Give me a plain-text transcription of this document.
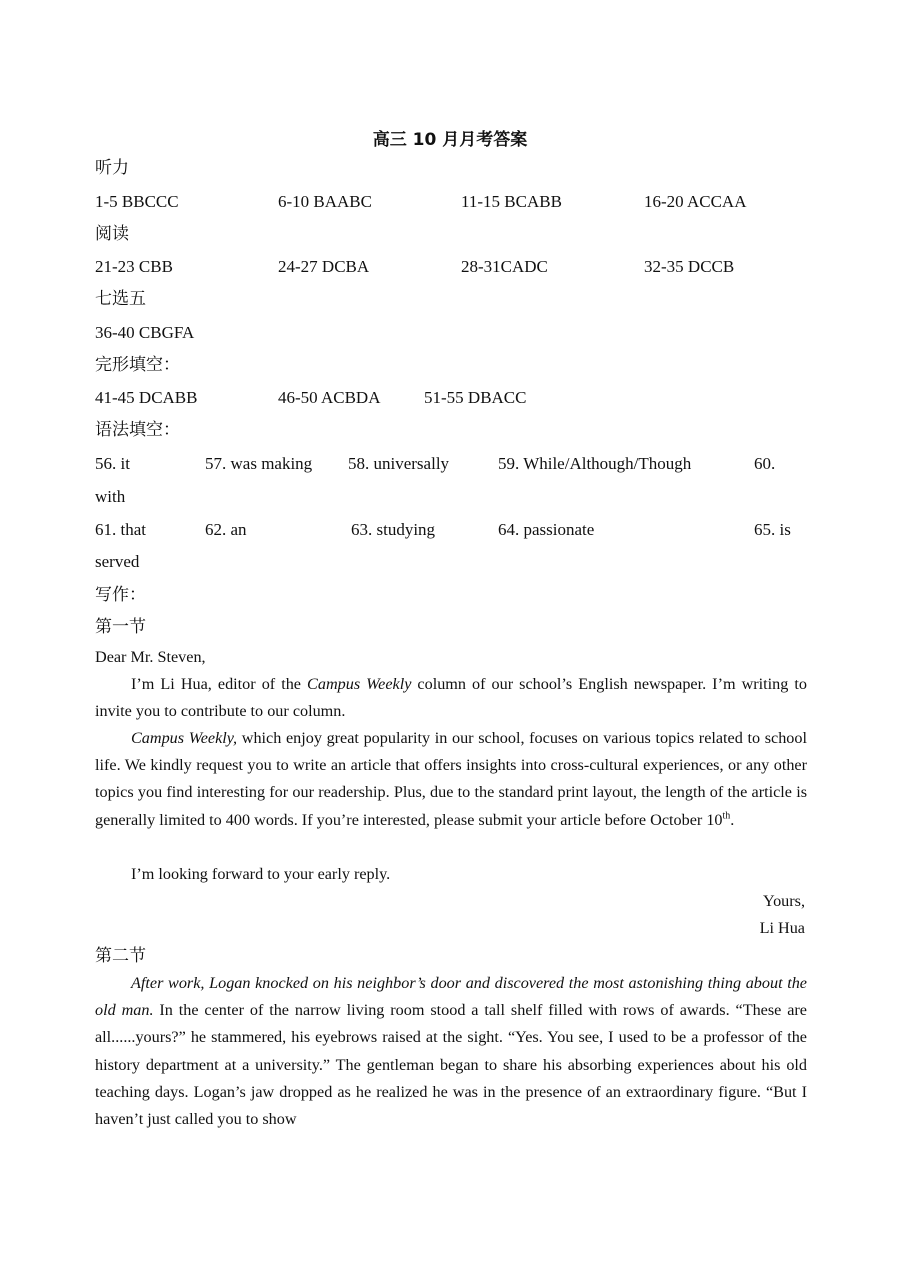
高三 10 月月考答案
听力
1-5 BBCCC	6-10 BAABC	11-15 BCABB	16-20 ACCAA
阅读
21-23 CBB	24-27 DCBA	28-31CADC	32-35 DCCB
七选五
36-40 CBGFA
完形填空：
41-45 DCABB	46-50 ACBDA	51-55 DBACC
语法填空：
56. it	57. was making 58. universally	59. While/Although/Though	60.
with
61. that	62. an	63. studying	64. passionate	65. is
served
写作：
第一节
Dear Mr. Steven,
I’m Li Hua, editor of the Campus Weekly column of our school’s English newspaper. I’m writing to invite you to contribute to our column.
Campus Weekly, which enjoy great popularity in our school, focuses on various topics related to school life. We kindly request you to write an article that offers insights into cross-cultural experiences, or any other topics you find interesting for our readership. Plus, due to the standard print layout, the length of the article is generally limited to 400 words. If you’re interested, please submit your article before October 10th.
I’m looking forward to your early reply.
Yours,
Li Hua
第二节
After work, Logan knocked on his neighbor’s door and discovered the most astonishing thing about the old man. In the center of the narrow living room stood a tall shelf filled with rows of awards. “These are all......yours?” he stammered, his eyebrows raised at the sight. “Yes. You see, I used to be a professor of the history department at a university.” The gentleman began to share his absorbing experiences about his old teaching days. Logan’s jaw dropped as he realized he was in the presence of an extraordinary figure. “But I haven’t just called you to show
